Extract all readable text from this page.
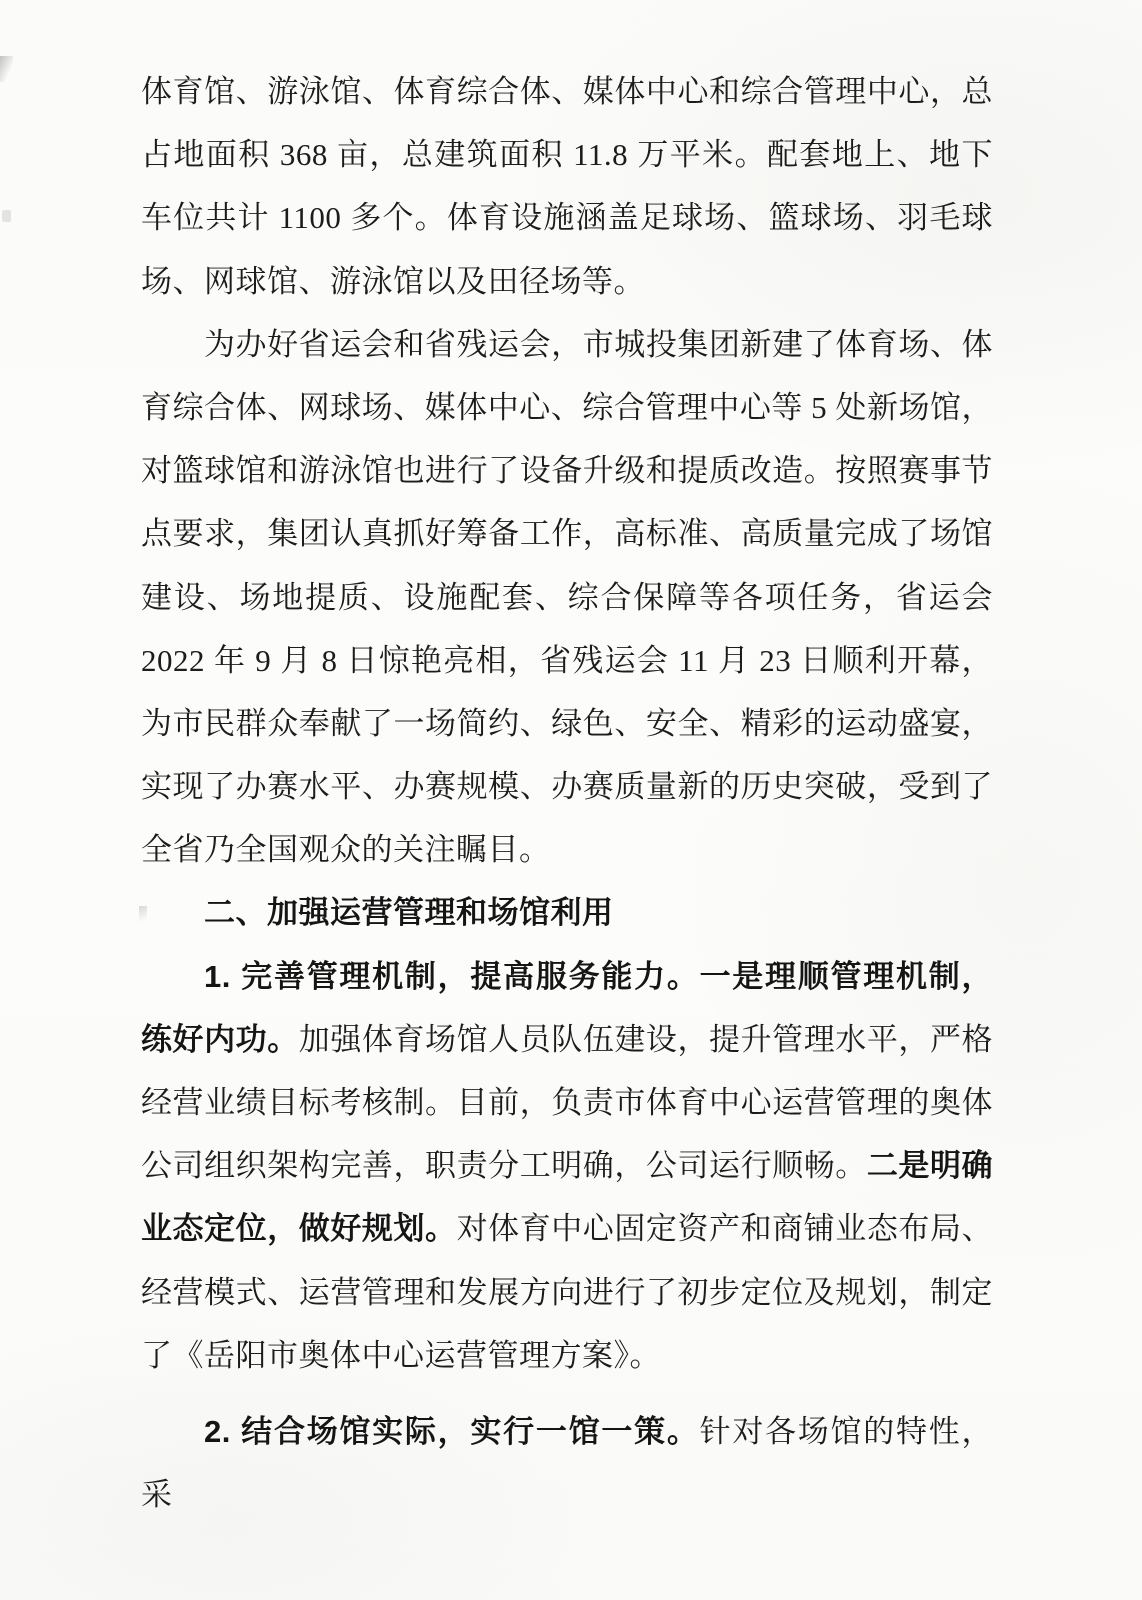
体育馆、游泳馆、体育综合体、媒体中心和综合管理中心，总
占地面积 368 亩，总建筑面积 11.8 万平米。配套地上、地下
车位共计 1100 多个。体育设施涵盖足球场、篮球场、羽毛球
场、网球馆、游泳馆以及田径场等。
为办好省运会和省残运会，市城投集团新建了体育场、体
育综合体、网球场、媒体中心、综合管理中心等 5 处新场馆，
对篮球馆和游泳馆也进行了设备升级和提质改造。按照赛事节
点要求，集团认真抓好筹备工作，高标准、高质量完成了场馆
建设、场地提质、设施配套、综合保障等各项任务，省运会
2022 年 9 月 8 日惊艳亮相，省残运会 11 月 23 日顺利开幕，
为市民群众奉献了一场简约、绿色、安全、精彩的运动盛宴，
实现了办赛水平、办赛规模、办赛质量新的历史突破，受到了
全省乃全国观众的关注瞩目。
二、加强运营管理和场馆利用
1. 完善管理机制，提高服务能力。一是理顺管理机制，
练好内功。加强体育场馆人员队伍建设，提升管理水平，严格
经营业绩目标考核制。目前，负责市体育中心运营管理的奥体
公司组织架构完善，职责分工明确，公司运行顺畅。二是明确
业态定位，做好规划。对体育中心固定资产和商铺业态布局、
经营模式、运营管理和发展方向进行了初步定位及规划，制定
了《岳阳市奥体中心运营管理方案》。
2. 结合场馆实际，实行一馆一策。针对各场馆的特性，采
